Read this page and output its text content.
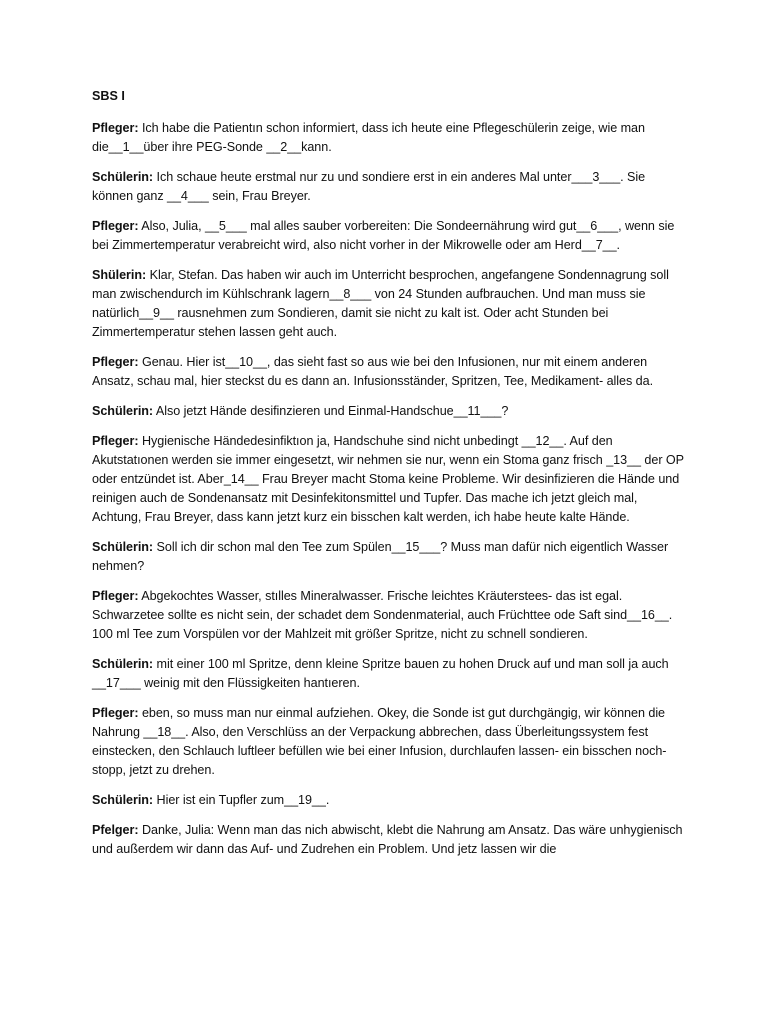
SBS I

Pfleger: Ich habe die Patientın schon informiert, dass ich heute eine Pflegeschülerin zeige, wie man die__1__über ihre PEG-Sonde __2__kann.

Schülerin: Ich schaue heute erstmal nur zu und sondiere erst in ein anderes Mal unter___3___. Sie können ganz __4___ sein, Frau Breyer.

Pfleger: Also, Julia, __5___ mal alles sauber vorbereiten: Die Sondeernährung wird gut__6___, wenn sie bei Zimmertemperatur verabreicht wird, also nicht vorher in der Mikrowelle oder am Herd__7__.

Shülerin: Klar, Stefan. Das haben wir auch im Unterricht besprochen, angefangene Sondennagrung soll man zwischendurch im Kühlschrank lagern__8___ von 24 Stunden aufbrauchen. Und man muss sie natürlich__9__ rausnehmen zum Sondieren, damit sie nicht zu kalt ist. Oder acht Stunden bei Zimmertemperatur stehen lassen geht auch.

Pfleger: Genau. Hier ist__10__, das sieht fast so aus wie bei den Infusionen, nur mit einem anderen Ansatz, schau mal, hier steckst du es dann an. Infusionsständer, Spritzen, Tee, Medikament- alles da.

Schülerin: Also jetzt Hände desifinzieren und Einmal-Handschue__11___?

Pfleger: Hygienische Händedesinfiktıon ja, Handschuhe sind nicht unbedingt __12__. Auf den Akutstatıonen werden sie immer eingesetzt, wir nehmen sie nur, wenn ein Stoma ganz frisch _13__ der OP oder entzündet ist. Aber_14__ Frau Breyer macht Stoma keine Probleme. Wir desinfizieren die Hände und reinigen auch de Sondenansatz mit Desinfekitonsmittel und Tupfer. Das mache ich jetzt gleich mal, Achtung, Frau Breyer, dass kann jetzt kurz ein bisschen kalt werden, ich habe heute kalte Hände.

Schülerin: Soll ich dir schon mal den Tee zum Spülen__15___? Muss man dafür nich eigentlich Wasser nehmen?

Pfleger: Abgekochtes Wasser, stılles Mineralwasser. Frische leichtes Kräuterstees- das ist egal. Schwarzetee sollte es nicht sein, der schadet dem Sondenmaterial, auch Früchttee ode Saft sind__16__. 100 ml Tee zum Vorspülen vor der Mahlzeit mit größer Spritze, nicht zu schnell sondieren.

Schülerin: mit einer 100 ml Spritze, denn kleine Spritze bauen zu hohen Druck auf und man soll ja auch __17___ weinig mit den Flüssigkeiten hantıeren.

Pfleger: eben, so muss man nur einmal aufziehen. Okey, die Sonde ist gut durchgängig, wir können die Nahrung __18__. Also, den Verschlüss an der Verpackung abbrechen, dass Überleitungssystem fest einstecken, den Schlauch luftleer befüllen wie bei einer Infusion, durchlaufen lassen- ein bisschen noch- stopp, jetzt zu drehen.

Schülerin: Hier ist ein Tupfler zum__19__.

Pfelger: Danke, Julia: Wenn man das nich abwischt, klebt die Nahrung am Ansatz. Das wäre unhygienisch und außerdem wir dann das Auf- und Zudrehen ein Problem. Und jetz lassen wir die
